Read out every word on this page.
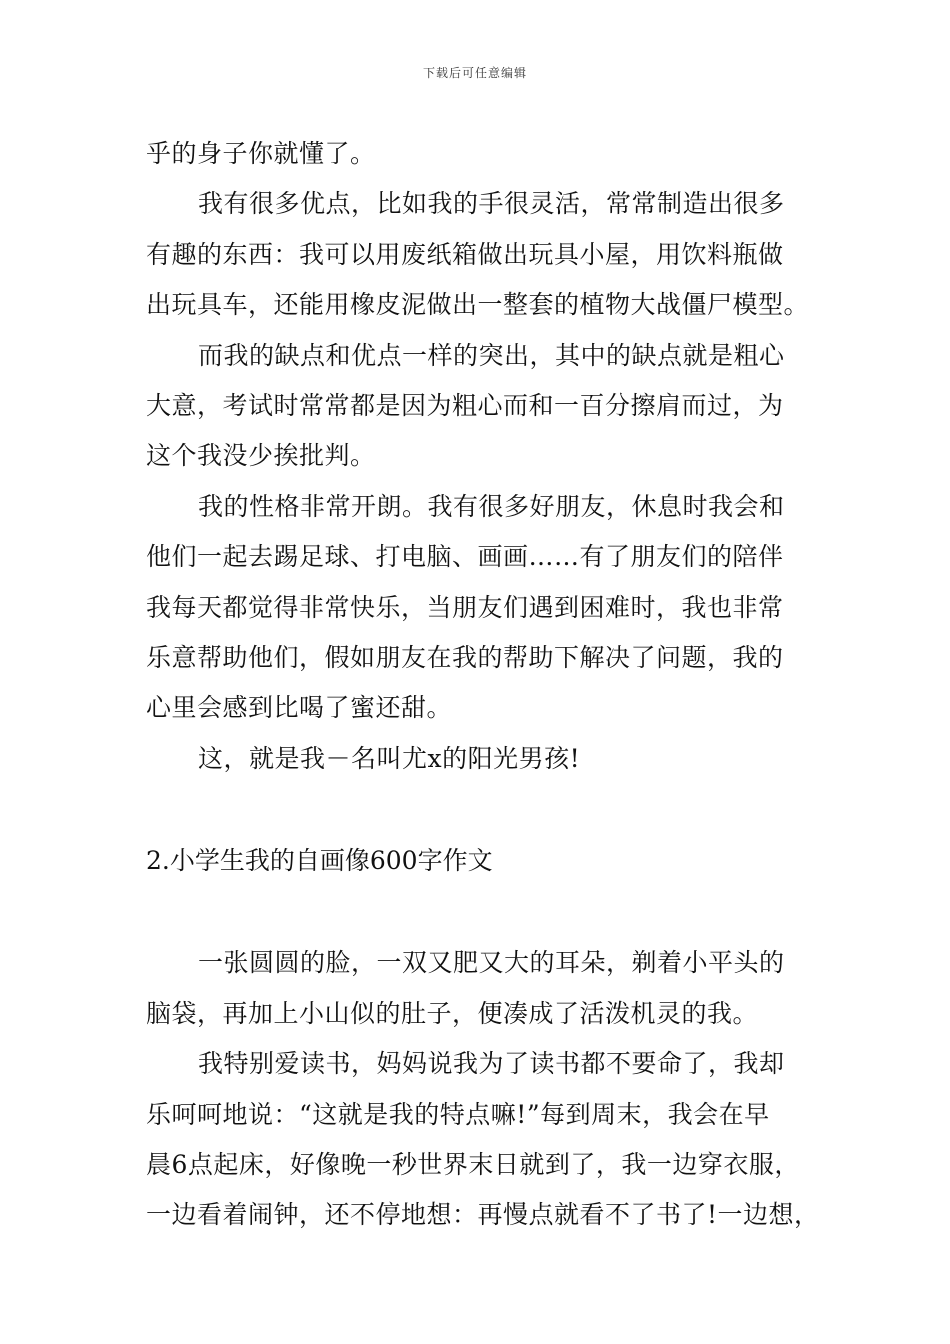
下载后可任意编辑
乎的身子你就懂了。
我有很多优点，比如我的手很灵活，常常制造出很多
有趣的东西：我可以用废纸箱做出玩具小屋，用饮料瓶做
出玩具车，还能用橡皮泥做出一整套的植物大战僵尸模型。
而我的缺点和优点一样的突出，其中的缺点就是粗心
大意，考试时常常都是因为粗心而和一百分擦肩而过，为
这个我没少挨批判。
我的性格非常开朗。我有很多好朋友，休息时我会和
他们一起去踢足球、打电脑、画画……有了朋友们的陪伴
我每天都觉得非常快乐，当朋友们遇到困难时，我也非常
乐意帮助他们，假如朋友在我的帮助下解决了问题，我的
心里会感到比喝了蜜还甜。
这，就是我－名叫尤x的阳光男孩!
2.小学生我的自画像600字作文
一张圆圆的脸，一双又肥又大的耳朵，剃着小平头的
脑袋，再加上小山似的肚子，便凑成了活泼机灵的我。
我特别爱读书，妈妈说我为了读书都不要命了，我却
乐呵呵地说：“这就是我的特点嘛!”每到周末，我会在早
晨6点起床，好像晚一秒世界末日就到了，我一边穿衣服，
一边看着闹钟，还不停地想：再慢点就看不了书了!一边想，
